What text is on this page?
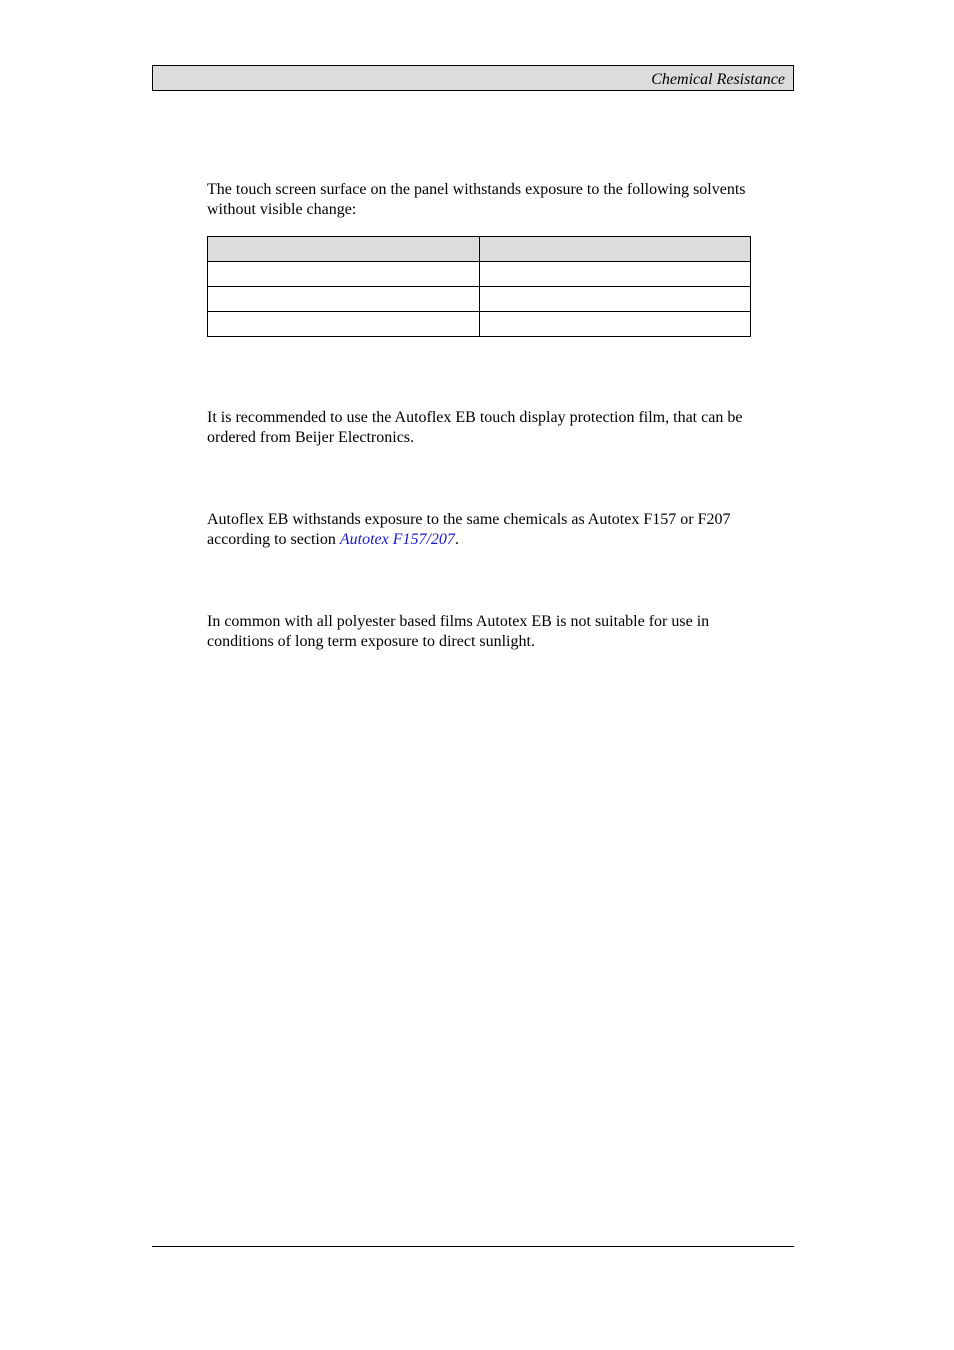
Chemical Resistance

The touch screen surface on the panel withstands exposure to the following solvents without visible change:

It is recommended to use the Autoflex EB touch display protection film, that can be ordered from Beijer Electronics.

Autoflex EB withstands exposure to the same chemicals as Autotex F157 or F207 according to section Autotex F157/207.

In common with all polyester based films Autotex EB is not suitable for use in conditions of long term exposure to direct sunlight.
